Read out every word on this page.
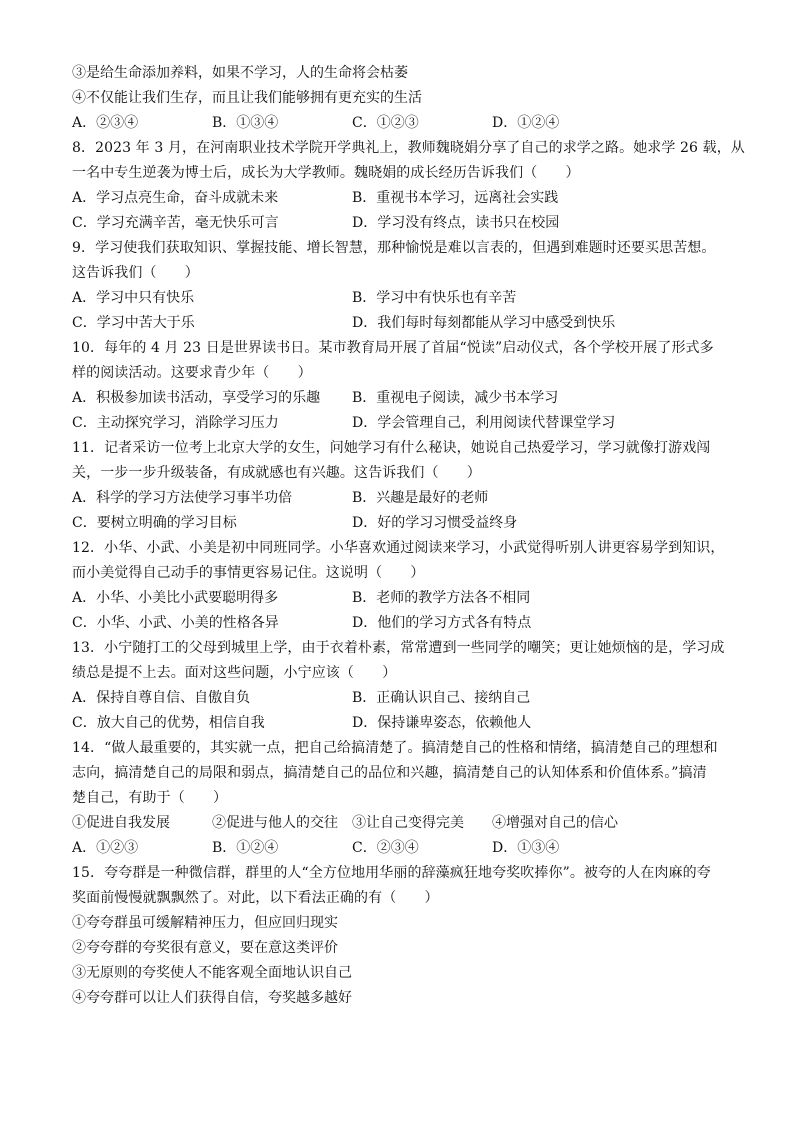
③是给生命添加养料，如果不学习，人的生命将会枯萎
④不仅能让我们生存，而且让我们能够拥有更充实的生活
A．②③④	B．①③④	C．①②③	D．①②④
8．2023 年 3 月，在河南职业技术学院开学典礼上，教师魏晓娟分享了自己的求学之路。她求学 26 载，从
一名中专生逆袭为博士后，成长为大学教师。魏晓娟的成长经历告诉我们（　　）
A．学习点亮生命，奋斗成就未来	B．重视书本学习，远离社会实践
C．学习充满辛苦，毫无快乐可言	D．学习没有终点，读书只在校园
9．学习使我们获取知识、掌握技能、增长智慧，那种愉悦是难以言表的，但遇到难题时还要买思苦想。
这告诉我们（　　）
A．学习中只有快乐	B．学习中有快乐也有辛苦
C．学习中苦大于乐	D．我们每时每刻都能从学习中感受到快乐
10．每年的 4 月 23 日是世界读书日。某市教育局开展了首届“悦读”启动仪式，各个学校开展了形式多
样的阅读活动。这要求青少年（　　）
A．积极参加读书活动，享受学习的乐趣 B．重视电子阅读，减少书本学习
C．主动探究学习，消除学习压力	D．学会管理自己，利用阅读代替课堂学习
11．记者采访一位考上北京大学的女生，问她学习有什么秘诀，她说自己热爱学习，学习就像打游戏闯
关，一步一步升级装备，有成就感也有兴趣。这告诉我们（　　）
A．科学的学习方法使学习事半功倍	B．兴趣是最好的老师
C．要树立明确的学习目标	D．好的学习习惯受益终身
12．小华、小武、小美是初中同班同学。小华喜欢通过阅读来学习，小武觉得听别人讲更容易学到知识，
而小美觉得自己动手的事情更容易记住。这说明（　　）
A．小华、小美比小武要聪明得多	B．老师的教学方法各不相同
C．小华、小武、小美的性格各异	D．他们的学习方式各有特点
13．小宁随打工的父母到城里上学，由于衣着朴素，常常遭到一些同学的嘲笑；更让她烦恼的是，学习成
绩总是提不上去。面对这些问题，小宁应该（　　）
A．保持自尊自信、自傲自负	B．正确认识自己、接纳自己
C．放大自己的优势，相信自我	D．保持谦卑姿态，依赖他人
14．“做人最重要的，其实就一点，把自己给搞清楚了。搞清楚自己的性格和情绪，搞清楚自己的理想和
志向，搞清楚自己的局限和弱点，搞清楚自己的品位和兴趣，搞清楚自己的认知体系和价值体系。”搞清
楚自己，有助于（　　）
①促进自我发展	②促进与他人的交往 ③让自己变得完美 ④增强对自己的信心
A．①②③	B．①②④	C．②③④	D．①③④
15．夸夸群是一种微信群，群里的人“全方位地用华丽的辞藻疯狂地夸奖吹捧你”。被夸的人在肉麻的夸
奖面前慢慢就飘飘然了。对此，以下看法正确的有（　　）
①夸夸群虽可缓解精神压力，但应回归现实
②夸夸群的夸奖很有意义，要在意这类评价
③无原则的夸奖使人不能客观全面地认识自己
④夸夸群可以让人们获得自信，夸奖越多越好
